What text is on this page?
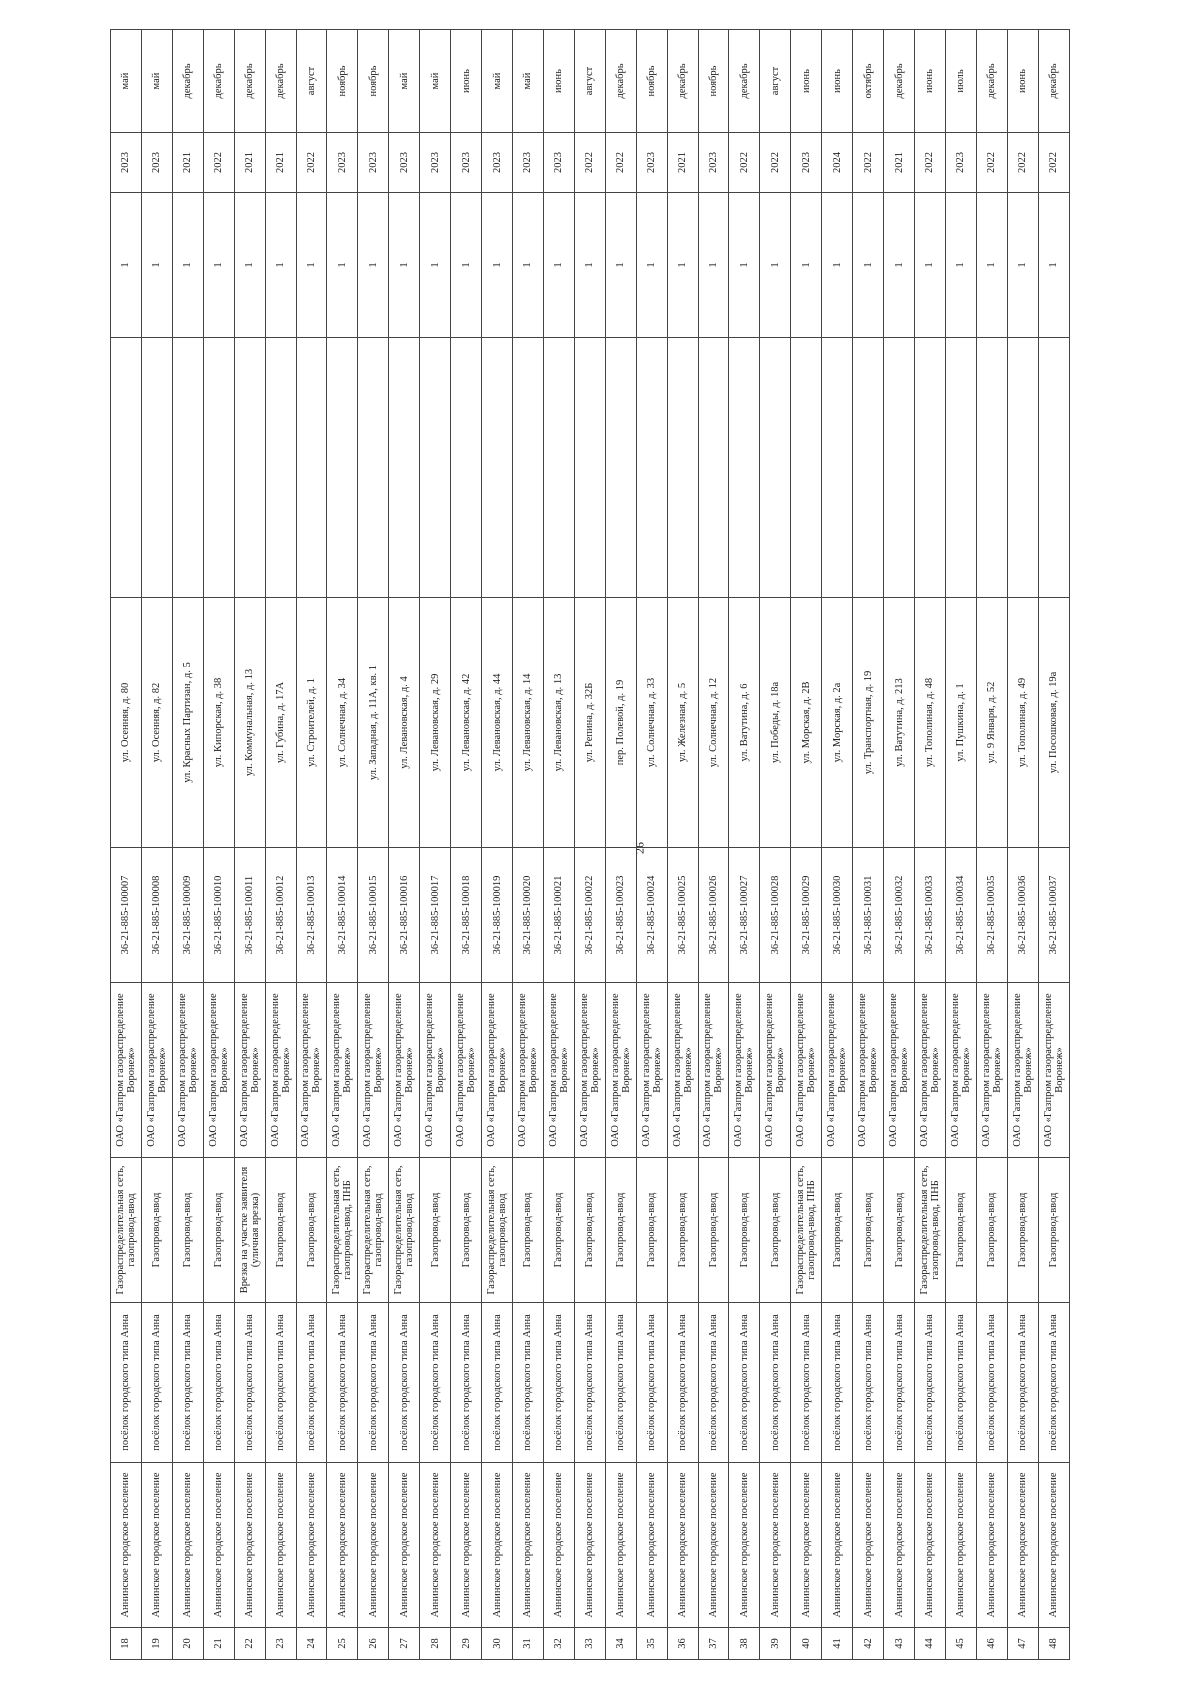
26
18	Аннинское городское поселение	посёлок городского типа Анна	Газораспределительная сеть, газопровод-ввод	ОАО «Газпром газораспределение Воронеж»	36-21-885-100007	ул. Осенняя, д. 80		1	2023	май
19	Аннинское городское поселение	посёлок городского типа Анна	Газопровод-ввод	ОАО «Газпром газораспределение Воронеж»	36-21-885-100008	ул. Осенняя, д. 82		1	2023	май
20	Аннинское городское поселение	посёлок городского типа Анна	Газопровод-ввод	ОАО «Газпром газораспределение Воронеж»	36-21-885-100009	ул. Красных Партизан, д. 5		1	2021	декабрь
21	Аннинское городское поселение	посёлок городского типа Анна	Газопровод-ввод	ОАО «Газпром газораспределение Воронеж»	36-21-885-100010	ул. Кипорская, д. 38		1	2022	декабрь
22	Аннинское городское поселение	посёлок городского типа Анна	Врезка на участке заявителя (уличная врезка)	ОАО «Газпром газораспределение Воронеж»	36-21-885-100011	ул. Коммунальная, д. 13		1	2021	декабрь
23	Аннинское городское поселение	посёлок городского типа Анна	Газопровод-ввод	ОАО «Газпром газораспределение Воронеж»	36-21-885-100012	ул. Губина, д. 17А		1	2021	декабрь
24	Аннинское городское поселение	посёлок городского типа Анна	Газопровод-ввод	ОАО «Газпром газораспределение Воронеж»	36-21-885-100013	ул. Строителей, д. 1		1	2022	август
25	Аннинское городское поселение	посёлок городского типа Анна	Газораспределительная сеть, газопровод-ввод, ПНБ	ОАО «Газпром газораспределение Воронеж»	36-21-885-100014	ул. Солнечная, д. 34		1	2023	ноябрь
26	Аннинское городское поселение	посёлок городского типа Анна	Газораспределительная сеть, газопровод-ввод	ОАО «Газпром газораспределение Воронеж»	36-21-885-100015	ул. Западная, д. 11А, кв. 1		1	2023	ноябрь
27	Аннинское городское поселение	посёлок городского типа Анна	Газораспределительная сеть, газопровод-ввод	ОАО «Газпром газораспределение Воронеж»	36-21-885-100016	ул. Левановская, д. 4		1	2023	май
28	Аннинское городское поселение	посёлок городского типа Анна	Газопровод-ввод	ОАО «Газпром газораспределение Воронеж»	36-21-885-100017	ул. Левановская, д. 29		1	2023	май
29	Аннинское городское поселение	посёлок городского типа Анна	Газопровод-ввод	ОАО «Газпром газораспределение Воронеж»	36-21-885-100018	ул. Левановская, д. 42		1	2023	июнь
30	Аннинское городское поселение	посёлок городского типа Анна	Газораспределительная сеть, газопровод-ввод	ОАО «Газпром газораспределение Воронеж»	36-21-885-100019	ул. Левановская, д. 44		1	2023	май
31	Аннинское городское поселение	посёлок городского типа Анна	Газопровод-ввод	ОАО «Газпром газораспределение Воронеж»	36-21-885-100020	ул. Левановская, д. 14		1	2023	май
32	Аннинское городское поселение	посёлок городского типа Анна	Газопровод-ввод	ОАО «Газпром газораспределение Воронеж»	36-21-885-100021	ул. Левановская, д. 13		1	2023	июнь
33	Аннинское городское поселение	посёлок городского типа Анна	Газопровод-ввод	ОАО «Газпром газораспределение Воронеж»	36-21-885-100022	ул. Репина, д. 32Б		1	2022	август
34	Аннинское городское поселение	посёлок городского типа Анна	Газопровод-ввод	ОАО «Газпром газораспределение Воронеж»	36-21-885-100023	пер. Полевой, д. 19		1	2022	декабрь
35	Аннинское городское поселение	посёлок городского типа Анна	Газопровод-ввод	ОАО «Газпром газораспределение Воронеж»	36-21-885-100024	ул. Солнечная, д. 33		1	2023	ноябрь
36	Аннинское городское поселение	посёлок городского типа Анна	Газопровод-ввод	ОАО «Газпром газораспределение Воронеж»	36-21-885-100025	ул. Железная, д. 5		1	2021	декабрь
37	Аннинское городское поселение	посёлок городского типа Анна	Газопровод-ввод	ОАО «Газпром газораспределение Воронеж»	36-21-885-100026	ул. Солнечная, д. 12		1	2023	ноябрь
38	Аннинское городское поселение	посёлок городского типа Анна	Газопровод-ввод	ОАО «Газпром газораспределение Воронеж»	36-21-885-100027	ул. Ватутина, д. 6		1	2022	декабрь
39	Аннинское городское поселение	посёлок городского типа Анна	Газопровод-ввод	ОАО «Газпром газораспределение Воронеж»	36-21-885-100028	ул. Победы, д. 18а		1	2022	август
40	Аннинское городское поселение	посёлок городского типа Анна	Газораспределительная сеть, газопровод-ввод, ПНБ	ОАО «Газпром газораспределение Воронеж»	36-21-885-100029	ул. Морская, д. 2В		1	2023	июнь
41	Аннинское городское поселение	посёлок городского типа Анна	Газопровод-ввод	ОАО «Газпром газораспределение Воронеж»	36-21-885-100030	ул. Морская, д. 2а		1	2024	июнь
42	Аннинское городское поселение	посёлок городского типа Анна	Газопровод-ввод	ОАО «Газпром газораспределение Воронеж»	36-21-885-100031	ул. Транспортная, д. 19		1	2022	октябрь
43	Аннинское городское поселение	посёлок городского типа Анна	Газопровод-ввод	ОАО «Газпром газораспределение Воронеж»	36-21-885-100032	ул. Ватутина, д. 213		1	2021	декабрь
44	Аннинское городское поселение	посёлок городского типа Анна	Газораспределительная сеть, газопровод-ввод, ПНБ	ОАО «Газпром газораспределение Воронеж»	36-21-885-100033	ул. Тополиная, д. 48		1	2022	июнь
45	Аннинское городское поселение	посёлок городского типа Анна	Газопровод-ввод	ОАО «Газпром газораспределение Воронеж»	36-21-885-100034	ул. Пушкина, д. 1		1	2023	июль
46	Аннинское городское поселение	посёлок городского типа Анна	Газопровод-ввод	ОАО «Газпром газораспределение Воронеж»	36-21-885-100035	ул. 9 Января, д. 52		1	2022	декабрь
47	Аннинское городское поселение	посёлок городского типа Анна	Газопровод-ввод	ОАО «Газпром газораспределение Воронеж»	36-21-885-100036	ул. Тополиная, д. 49		1	2022	июнь
48	Аннинское городское поселение	посёлок городского типа Анна	Газопровод-ввод	ОАО «Газпром газораспределение Воронеж»	36-21-885-100037	ул. Посошковая, д. 19а		1	2022	декабрь
